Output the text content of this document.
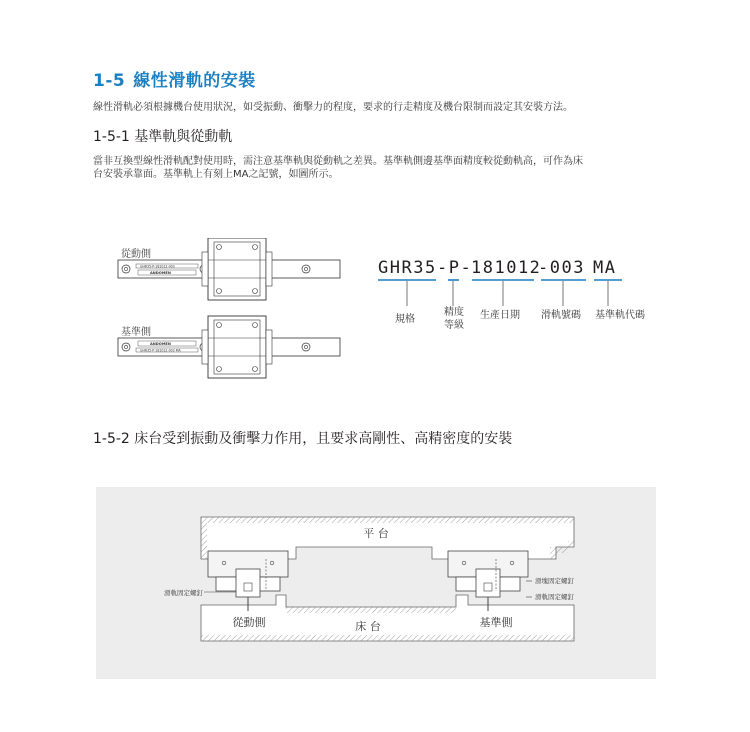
1-5 線性滑軌的安裝
線性滑軌必須根據機台使用狀況，如受振動、衝擊力的程度，要求的行走精度及機台限制而設定其安裝方法。
1-5-1 基準軌與從動軌
當非互換型線性滑軌配對使用時，需注意基準軌與從動軌之差異。基準軌側邊基準面精度較從動軌高，可作為床
台安裝承靠面。基準軌上有刻上MA之記號，如圖所示。
GHR35-P-181012-003
ANDOMEN
ANDOMEN
GHR35-P-181012-003 MA
從動側
基準側
GHR35 -P-
181012
-003 MA
規格
精度
等級
生產日期 滑軌號碼 基準軌代碼
1-5-2 床台受到振動及衝擊力作用，且要求高剛性、高精密度的安裝
平 台
床 台
從動側	基準側
滑軌固定螺釘
滑塊固定螺釘
滑軌固定螺釘
